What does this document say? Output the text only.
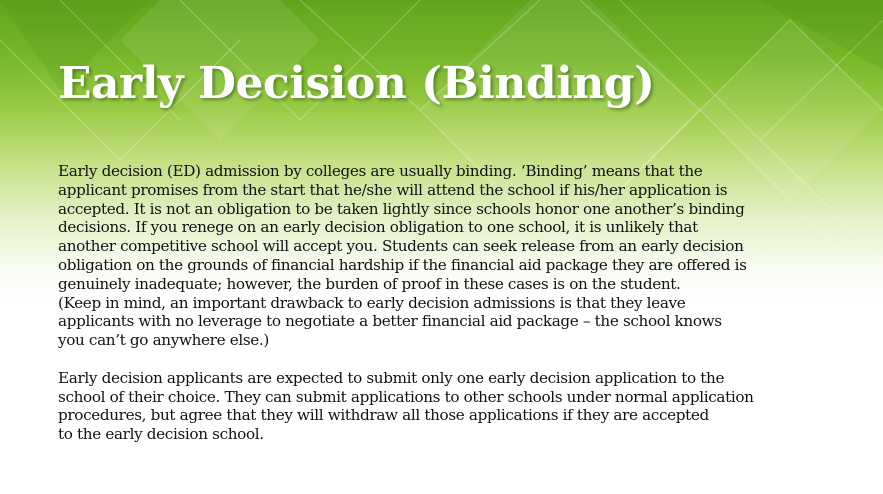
Early Decision (Binding)

Early decision (ED) admission by colleges are usually binding. ‘Binding’ means that the
applicant promises from the start that he/she will attend the school if his/her application is
accepted. It is not an obligation to be taken lightly since schools honor one another’s binding
decisions. If you renege on an early decision obligation to one school, it is unlikely that
another competitive school will accept you. Students can seek release from an early decision
obligation on the grounds of financial hardship if the financial aid package they are offered is
genuinely inadequate; however, the burden of proof in these cases is on the student.
(Keep in mind, an important drawback to early decision admissions is that they leave
applicants with no leverage to negotiate a better financial aid package – the school knows
you can’t go anywhere else.)

Early decision applicants are expected to submit only one early decision application to the
school of their choice. They can submit applications to other schools under normal application
procedures, but agree that they will withdraw all those applications if they are accepted
to the early decision school.
